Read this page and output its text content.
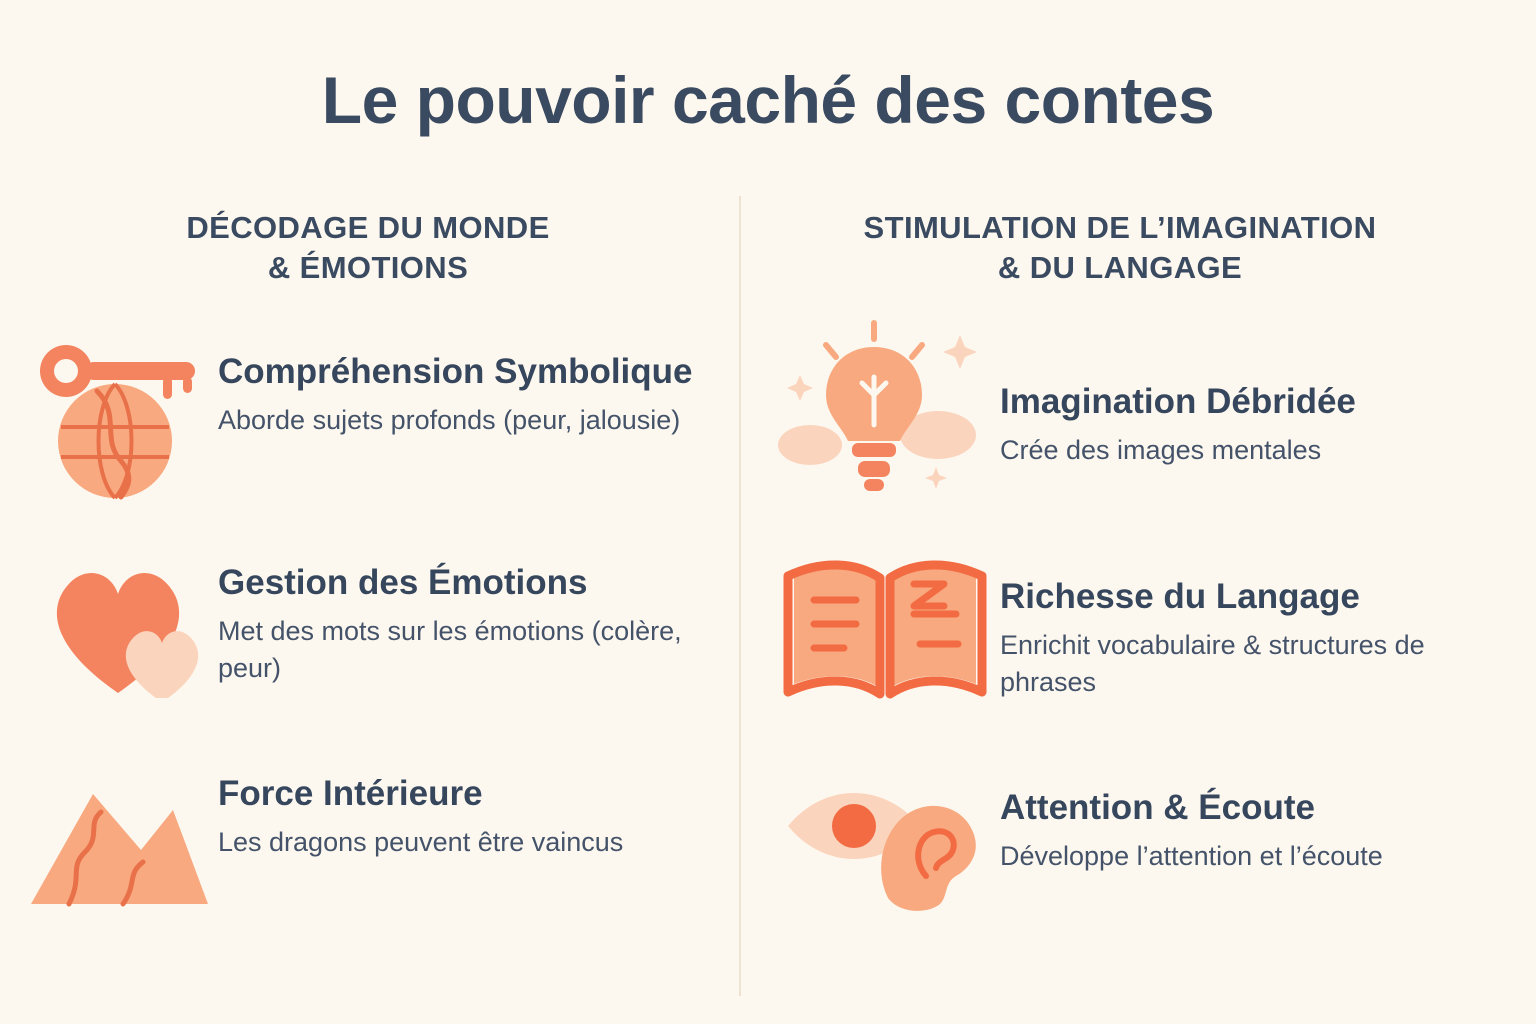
Le pouvoir caché des contes
DÉCODAGE DU MONDE
& ÉMOTIONS
Compréhension Symbolique
Aborde sujets profonds (peur, jalousie)
Gestion des Émotions
Met des mots sur les émotions (colère, peur)
Force Intérieure
Les dragons peuvent être vaincus
STIMULATION DE L’IMAGINATION
& DU LANGAGE
Imagination Débridée
Crée des images mentales
Richesse du Langage
Enrichit vocabulaire & structures de phrases
Attention & Écoute
Développe l’attention et l’écoute
